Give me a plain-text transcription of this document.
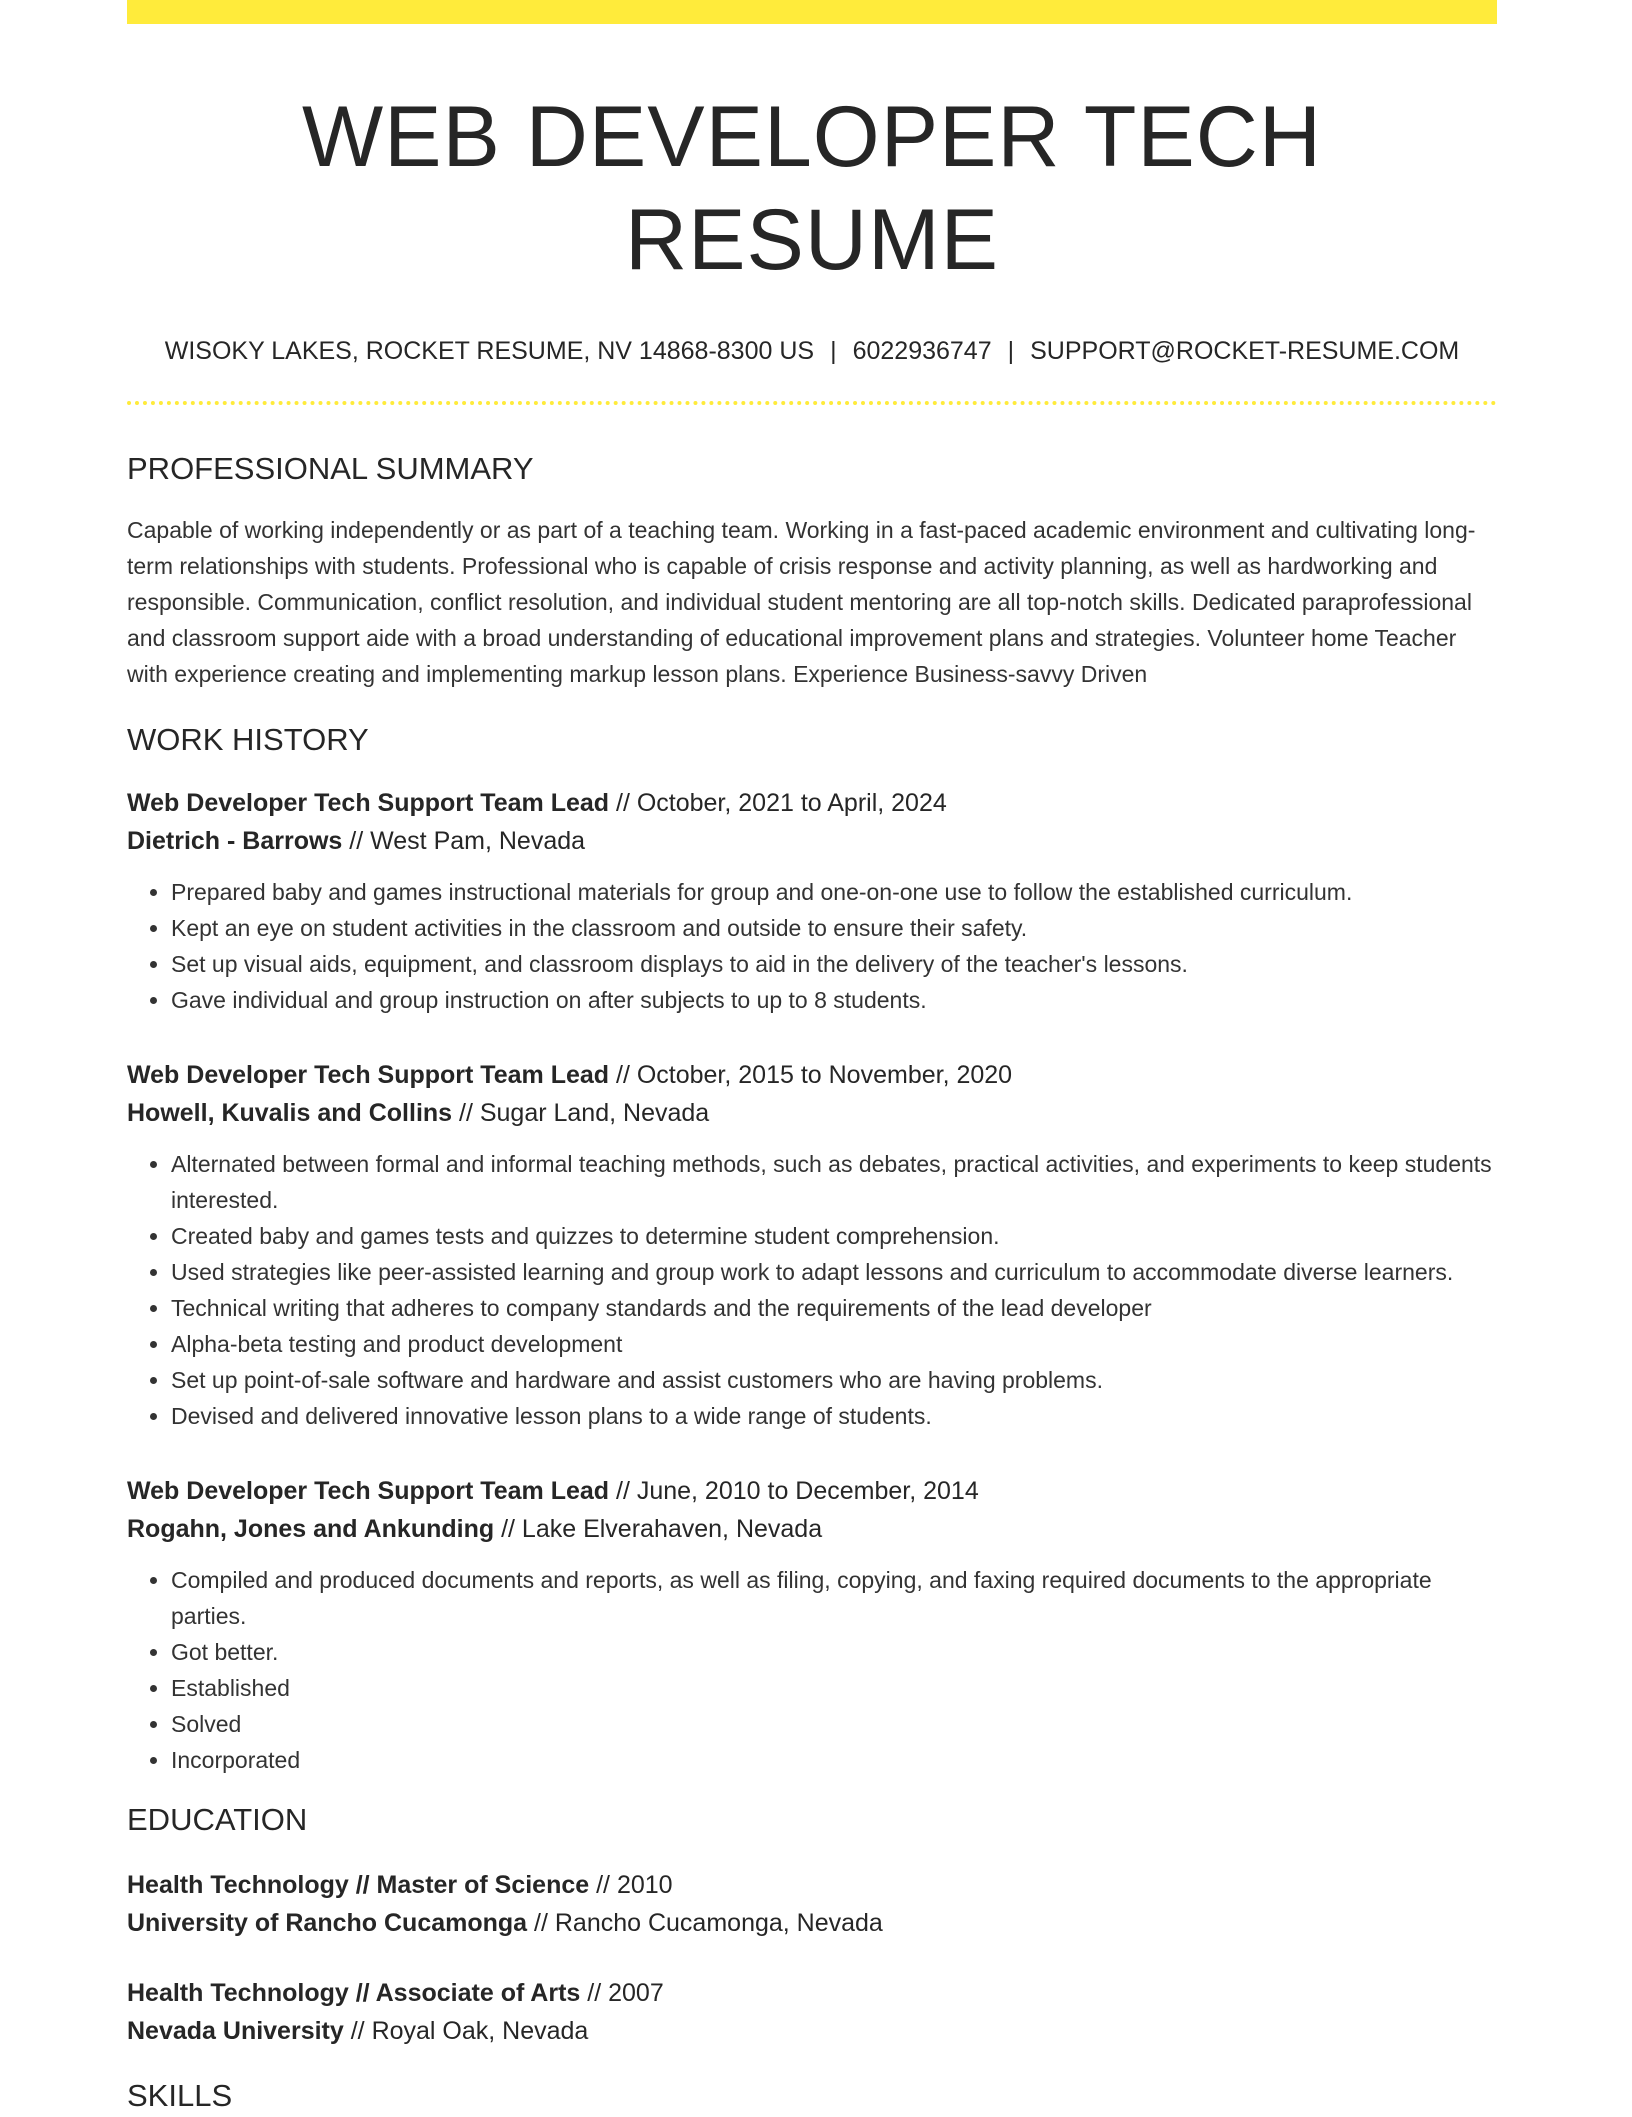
WEB DEVELOPER TECH RESUME
WISOKY LAKES, ROCKET RESUME, NV 14868-8300 US | 6022936747 | SUPPORT@ROCKET-RESUME.COM
PROFESSIONAL SUMMARY
Capable of working independently or as part of a teaching team. Working in a fast-paced academic environment and cultivating long-term relationships with students. Professional who is capable of crisis response and activity planning, as well as hardworking and responsible. Communication, conflict resolution, and individual student mentoring are all top-notch skills. Dedicated paraprofessional and classroom support aide with a broad understanding of educational improvement plans and strategies. Volunteer home Teacher with experience creating and implementing markup lesson plans. Experience Business-savvy Driven
WORK HISTORY
Web Developer Tech Support Team Lead // October, 2021 to April, 2024
Dietrich - Barrows // West Pam, Nevada
• Prepared baby and games instructional materials for group and one-on-one use to follow the established curriculum.
• Kept an eye on student activities in the classroom and outside to ensure their safety.
• Set up visual aids, equipment, and classroom displays to aid in the delivery of the teacher's lessons.
• Gave individual and group instruction on after subjects to up to 8 students.
Web Developer Tech Support Team Lead // October, 2015 to November, 2020
Howell, Kuvalis and Collins // Sugar Land, Nevada
• Alternated between formal and informal teaching methods, such as debates, practical activities, and experiments to keep students interested.
• Created baby and games tests and quizzes to determine student comprehension.
• Used strategies like peer-assisted learning and group work to adapt lessons and curriculum to accommodate diverse learners.
• Technical writing that adheres to company standards and the requirements of the lead developer
• Alpha-beta testing and product development
• Set up point-of-sale software and hardware and assist customers who are having problems.
• Devised and delivered innovative lesson plans to a wide range of students.
Web Developer Tech Support Team Lead // June, 2010 to December, 2014
Rogahn, Jones and Ankunding // Lake Elverahaven, Nevada
• Compiled and produced documents and reports, as well as filing, copying, and faxing required documents to the appropriate parties.
• Got better.
• Established
• Solved
• Incorporated
EDUCATION
Health Technology // Master of Science // 2010
University of Rancho Cucamonga // Rancho Cucamonga, Nevada
Health Technology // Associate of Arts // 2007
Nevada University // Royal Oak, Nevada
SKILLS
